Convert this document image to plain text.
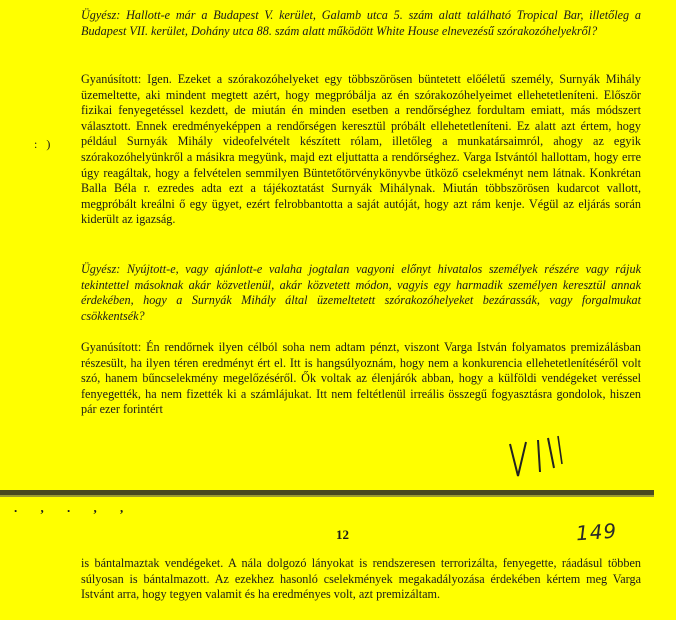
Ügyész: Hallott-e már a Budapest V. kerület, Galamb utca 5. szám alatt található Tropical Bar, illetőleg a Budapest VII. kerület, Dohány utca 88. szám alatt működött White House elnevezésű szórakozóhelyekről?

Gyanúsított: Igen. Ezeket a szórakozóhelyeket egy többszörösen büntetett előéletű személy, Surnyák Mihály üzemeltette, aki mindent megtett azért, hogy megpróbálja az én szórakozóhelyeimet ellehetetleníteni. Először fizikai fenyegetéssel kezdett, de miután én minden esetben a rendőrséghez fordultam emiatt, más módszert választott. Ennek eredményeképpen a rendőrségen keresztül próbált ellehetetleníteni. Ez alatt azt értem, hogy például Surnyák Mihály videofelvételt készített rólam, illetőleg a munkatársaimról, ahogy az egyik szórakozóhelyünkről a másikra megyünk, majd ezt eljuttatta a rendőrséghez. Varga Istvántól hallottam, hogy erre úgy reagáltak, hogy a felvételen semmilyen Büntetőtörvénykönyvbe ütköző cselekményt nem látnak. Konkrétan Balla Béla r. ezredes adta ezt a tájékoztatást Surnyák Mihálynak. Miután többszörösen kudarcot vallott, megpróbált kreálni ő egy ügyet, ezért felrobbantotta a saját autóját, hogy azt rám kenje. Végül az eljárás során kiderült az igazság.

: )

Ügyész: Nyújtott-e, vagy ajánlott-e valaha jogtalan vagyoni előnyt hivatalos személyek részére vagy rájuk tekintettel másoknak akár közvetlenül, akár közvetett módon, vagyis egy harmadik személyen keresztül annak érdekében, hogy a Surnyák Mihály által üzemeltetett szórakozóhelyeket bezárassák, vagy forgalmukat csökkentsék?

Gyanúsított: Én rendőrnek ilyen célból soha nem adtam pénzt, viszont Varga István folyamatos premizálásban részesült, ha ilyen téren eredményt ért el. Itt is hangsúlyoznám, hogy nem a konkurencia ellehetetlenítéséről volt szó, hanem bűncselekmény megelőzéséről. Ők voltak az élenjárók abban, hogy a külföldi vendégeket veréssel fenyegették, ha nem fizették ki a számlájukat. Itt nem feltétlenül irreális összegű fogyasztásra gondolok, hiszen pár ezer forintért

. , . , ,
12	149

is bántalmaztak vendégeket. A nála dolgozó lányokat is rendszeresen terrorizálta, fenyegette, ráadásul többen súlyosan is bántalmazott. Az ezekhez hasonló cselekmények megakadályozása érdekében kértem meg Varga Istvánt arra, hogy tegyen valamit és ha eredményes volt, azt premizáltam.
